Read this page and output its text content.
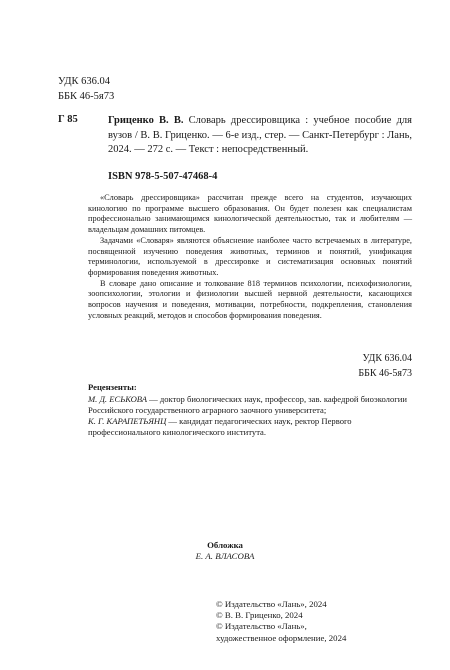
УДК 636.04
ББК 46-5я73
Г 85	Гриценко В. В. Словарь дрессировщика : учебное пособие для вузов / В. В. Гриценко. — 6-е изд., стер. — Санкт-Петербург : Лань, 2024. — 272 с. — Текст : непосредственный.
ISBN 978-5-507-47468-4

«Словарь дрессировщика» рассчитан прежде всего на студентов, изучающих кинологию по программе высшего образования. Он будет полезен как специалистам профессионально занимающимся кинологической деятельностью, так и любителям — владельцам домашних питомцев.

Задачами «Словаря» являются объяснение наиболее часто встречаемых в литературе, посвященной изучению поведения животных, терминов и понятий, унификация терминологии, используемой в дрессировке и систематизация основных понятий формирования поведения животных.

В словаре дано описание и толкование 818 терминов психологии, психофизиологии, зоопсихологии, этологии и физиологии высшей нервной деятельности, касающихся вопросов научения и поведения, мотивации, потребности, подкрепления, становления условных реакций, методов и способов формирования поведения.

УДК 636.04
ББК 46-5я73
Рецензенты:

М. Д. ЕСЬКОВА — доктор биологических наук, профессор, зав. кафедрой биоэкологии Российского государственного аграрного заочного университета;

К. Г. КАРАПЕТЬЯНЦ — кандидат педагогических наук, ректор Первого профессионального кинологического института.

Обложка
Е. А. ВЛАСОВА
© Издательство «Лань», 2024
© В. В. Гриценко, 2024
© Издательство «Лань»,
художественное оформление, 2024
